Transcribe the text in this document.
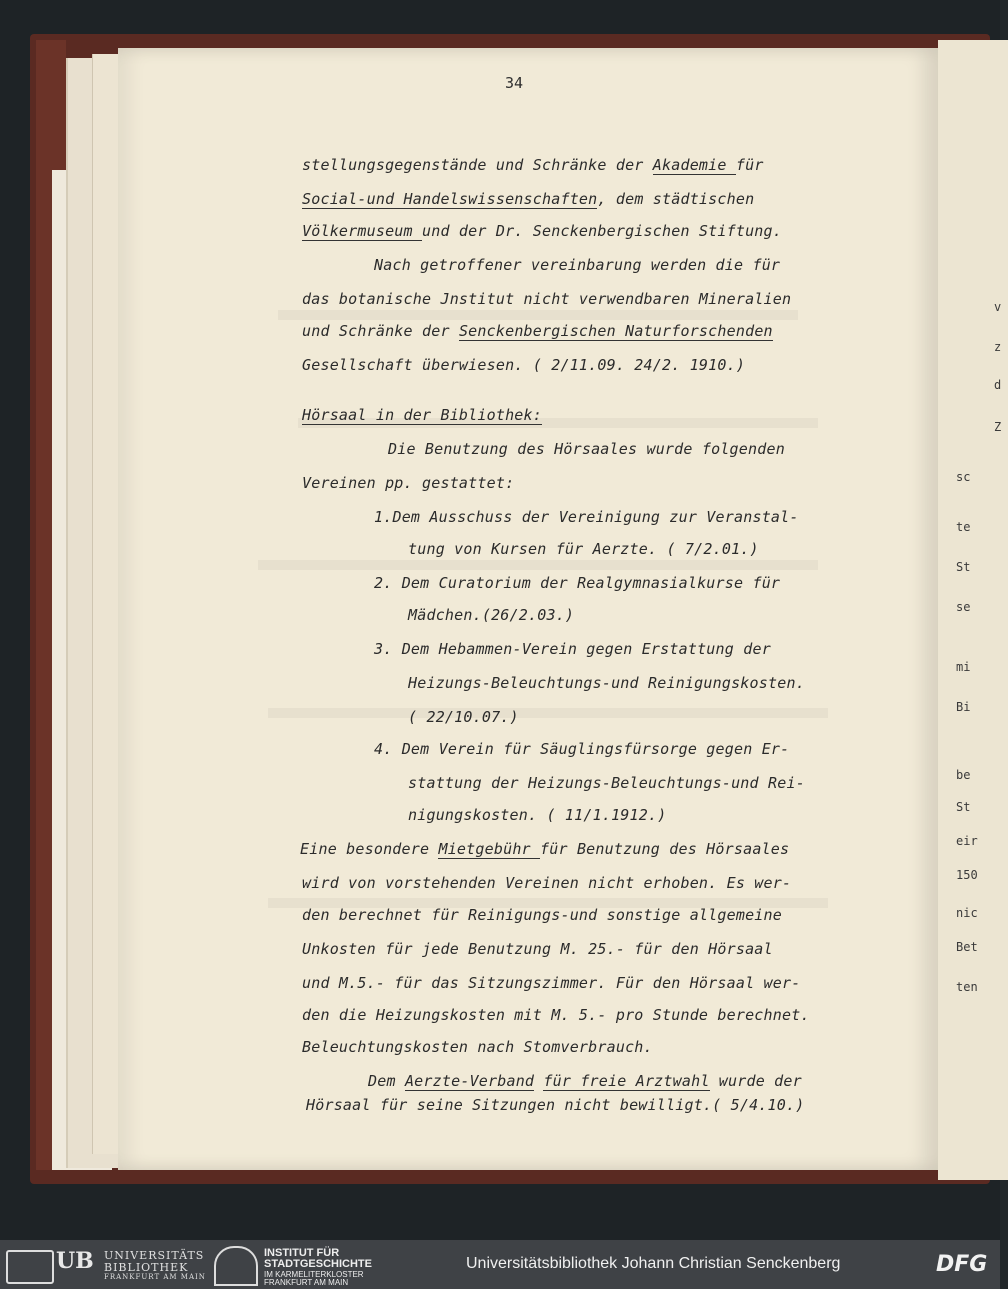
34
stellungsgegenstände und Schränke der Akademie für
Social-und Handelswissenschaften, dem städtischen
Völkermuseum und der Dr. Senckenbergischen Stiftung.
Nach getroffener vereinbarung werden die für
das botanische Jnstitut nicht verwendbaren Mineralien
und Schränke der Senckenbergischen Naturforschenden
Gesellschaft überwiesen. ( 2/11.09. 24/2. 1910.)
Hörsaal in der Bibliothek:
Die Benutzung des Hörsaales wurde folgenden
Vereinen pp. gestattet:
1.Dem Ausschuss der Vereinigung zur Veranstal-
tung von Kursen für Aerzte. ( 7/2.01.)
2. Dem Curatorium der Realgymnasialkurse für
Mädchen.(26/2.03.)
3. Dem Hebammen-Verein gegen Erstattung der
Heizungs-Beleuchtungs-und Reinigungskosten.
( 22/10.07.)
4. Dem Verein für Säuglingsfürsorge gegen Er-
stattung der Heizungs-Beleuchtungs-und Rei-
nigungskosten. ( 11/1.1912.)
Eine besondere Mietgebühr für Benutzung des Hörsaales
wird von vorstehenden Vereinen nicht erhoben. Es wer-
den berechnet für Reinigungs-und sonstige allgemeine
Unkosten für jede Benutzung M. 25.- für den Hörsaal
und M.5.- für das Sitzungszimmer. Für den Hörsaal wer-
den die Heizungskosten mit M. 5.- pro Stunde berechnet.
Beleuchtungskosten nach Stomverbrauch.
Dem Aerzte-Verband für freie Arztwahl wurde der
Hörsaal für seine Sitzungen nicht bewilligt.( 5/4.10.)
v
z
d
Z
sc
te
St
se
mi
Bi
be
St
eir
150
nic
Bet
ten
UB UNIVERSITÄTS
BIBLIOTHEK
FRANKFURT AM MAIN
INSTITUT FÜR
STADTGESCHICHTE
IM KARMELITERKLOSTER
FRANKFURT AM MAIN
Universitätsbibliothek Johann Christian Senckenberg	DFG
